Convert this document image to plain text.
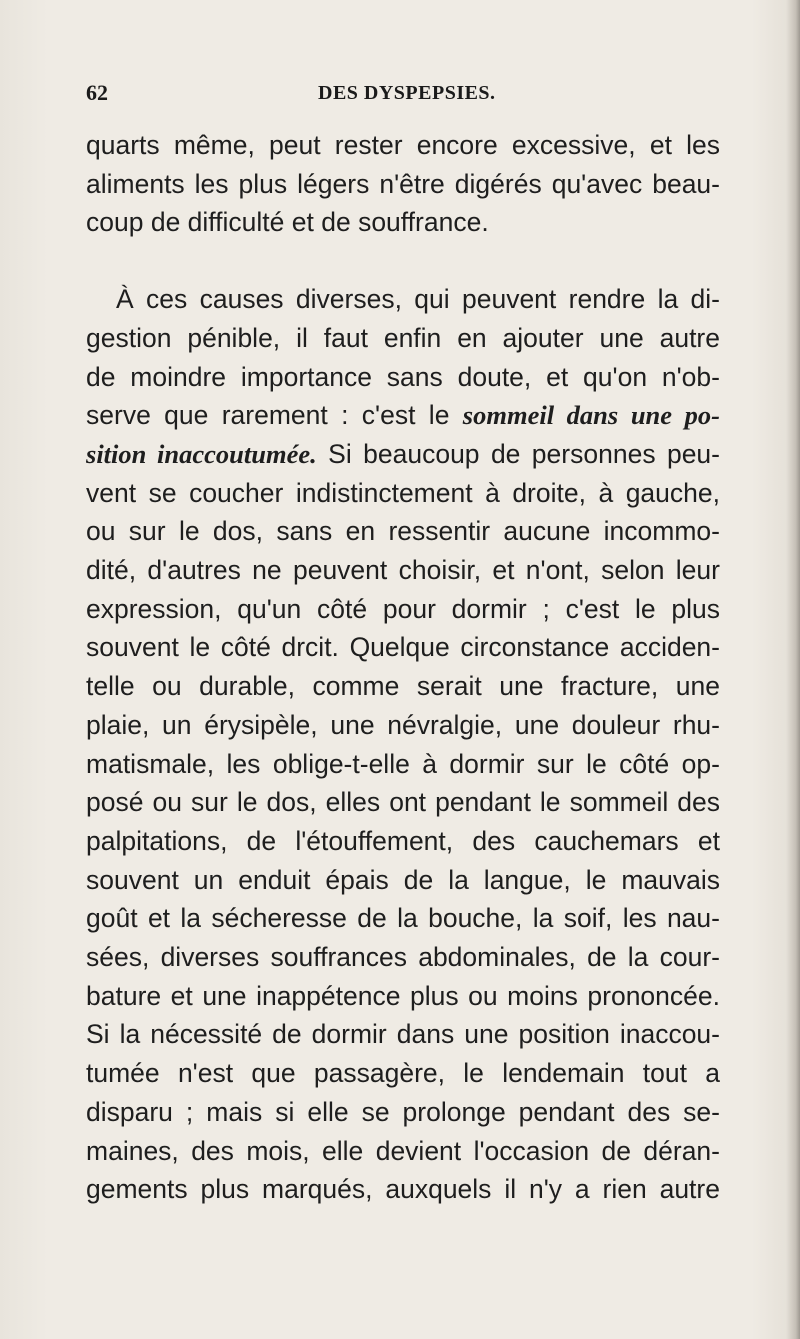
62	DES DYSPEPSIES.

quarts même, peut rester encore excessive, et les
aliments les plus légers n'être digérés qu'avec beau-
coup de difficulté et de souffrance.

À ces causes diverses, qui peuvent rendre la di-
gestion pénible, il faut enfin en ajouter une autre
de moindre importance sans doute, et qu'on n'ob-
serve que rarement : c'est le sommeil dans une po-
sition inaccoutumée. Si beaucoup de personnes peu-
vent se coucher indistinctement à droite, à gauche,
ou sur le dos, sans en ressentir aucune incommo-
dité, d'autres ne peuvent choisir, et n'ont, selon leur
expression, qu'un côté pour dormir ; c'est le plus
souvent le côté drcit. Quelque circonstance acciden-
telle ou durable, comme serait une fracture, une
plaie, un érysipèle, une névralgie, une douleur rhu-
matismale, les oblige-t-elle à dormir sur le côté op-
posé ou sur le dos, elles ont pendant le sommeil des
palpitations, de l'étouffement, des cauchemars et
souvent un enduit épais de la langue, le mauvais
goût et la sécheresse de la bouche, la soif, les nau-
sées, diverses souffrances abdominales, de la cour-
bature et une inappétence plus ou moins prononcée.
Si la nécessité de dormir dans une position inaccou-
tumée n'est que passagère, le lendemain tout a
disparu ; mais si elle se prolonge pendant des se-
maines, des mois, elle devient l'occasion de déran-
gements plus marqués, auxquels il n'y a rien autre
